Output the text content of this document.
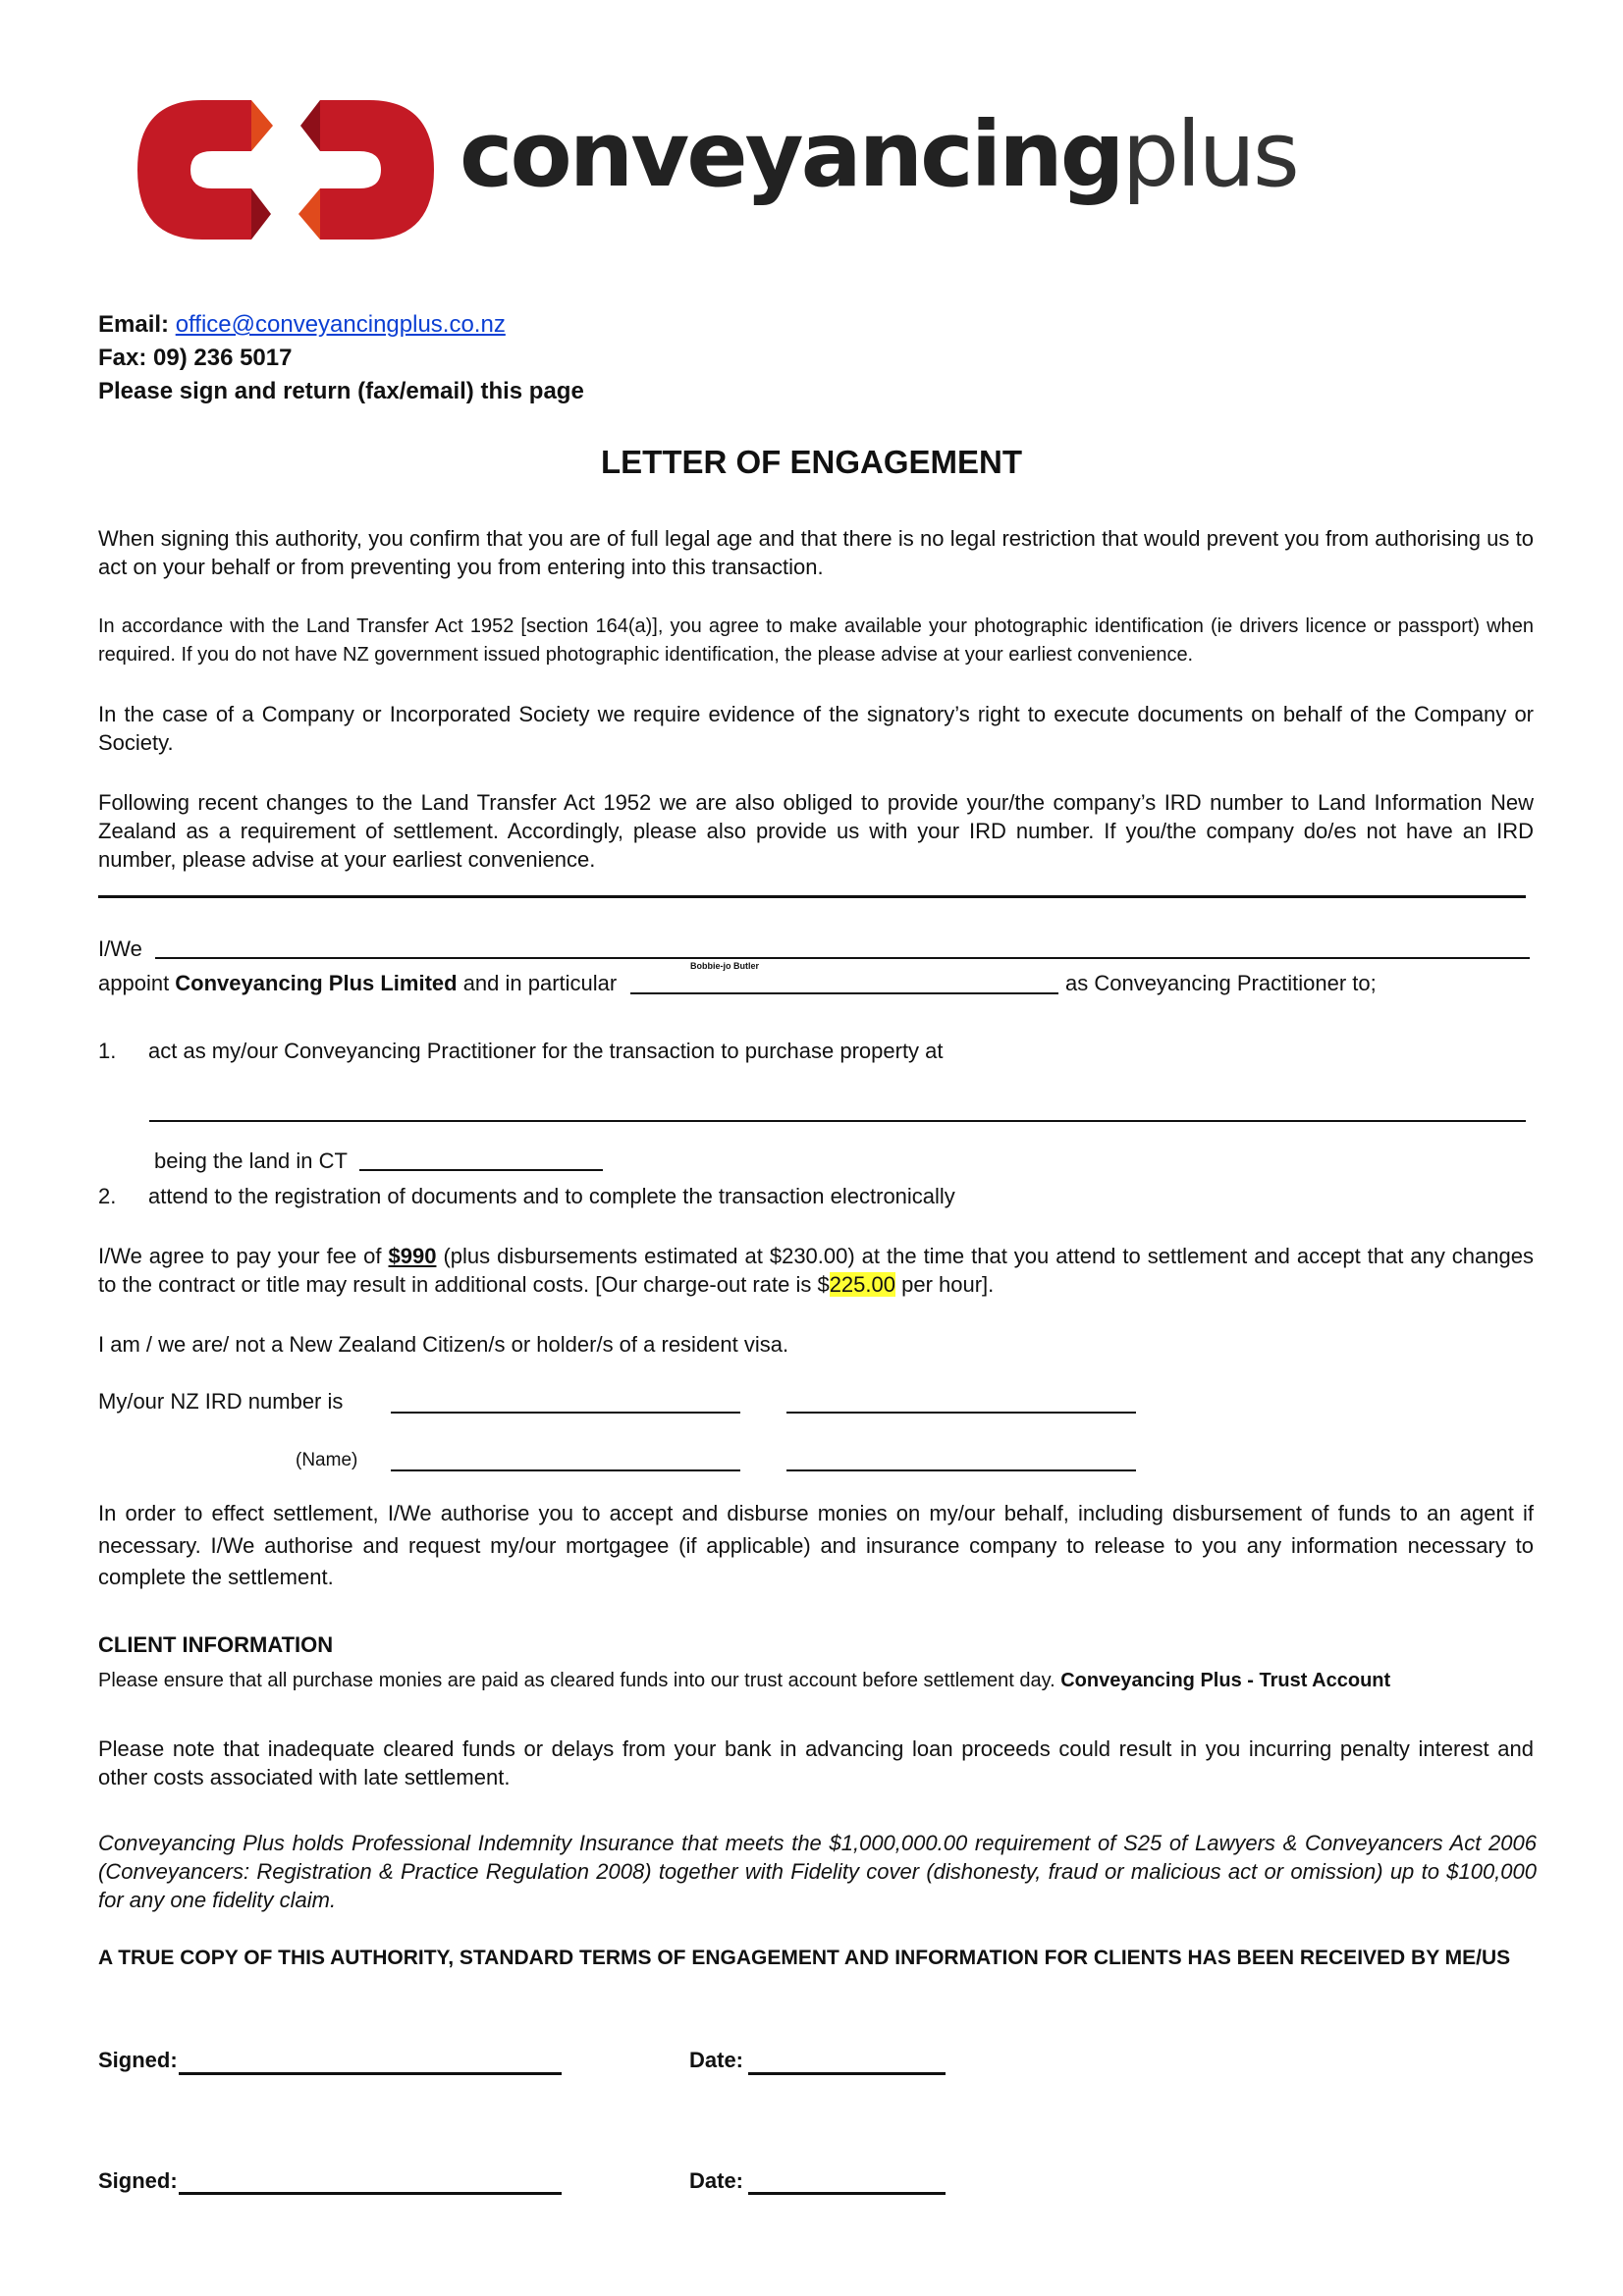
conveyancingplus
Email: office@conveyancingplus.co.nz
Fax: 09) 236 5017
Please sign and return (fax/email) this page
LETTER OF ENGAGEMENT
When signing this authority, you confirm that you are of full legal age and that there is no legal restriction that would prevent you from authorising us to act on your behalf or from preventing you from entering into this transaction.
In accordance with the Land Transfer Act 1952 [section 164(a)], you agree to make available your photographic identification (ie drivers licence or passport) when required. If you do not have NZ government issued photographic identification, the please advise at your earliest convenience.
In the case of a Company or Incorporated Society we require evidence of the signatory’s right to execute documents on behalf of the Company or Society.
Following recent changes to the Land Transfer Act 1952 we are also obliged to provide your/the company’s IRD number to Land Information New Zealand as a requirement of settlement. Accordingly, please also provide us with your IRD number. If you/the company do/es not have an IRD number, please advise at your earliest convenience.
I/We
Bobbie-jo Butler
appoint Conveyancing Plus Limited and in particular	as Conveyancing Practitioner to;
1. act as my/our Conveyancing Practitioner for the transaction to purchase property at
being the land in CT
2. attend to the registration of documents and to complete the transaction electronically
I/We agree to pay your fee of $990 (plus disbursements estimated at $230.00) at the time that you attend to settlement and accept that any changes to the contract or title may result in additional costs. [Our charge-out rate is $225.00 per hour].
I am / we are/ not a New Zealand Citizen/s or holder/s of a resident visa.
My/our NZ IRD number is
(Name)
In order to effect settlement, I/We authorise you to accept and disburse monies on my/our behalf, including disbursement of funds to an agent if necessary. I/We authorise and request my/our mortgagee (if applicable) and insurance company to release to you any information necessary to complete the settlement.
CLIENT INFORMATION
Please ensure that all purchase monies are paid as cleared funds into our trust account before settlement day. Conveyancing Plus - Trust Account
Please note that inadequate cleared funds or delays from your bank in advancing loan proceeds could result in you incurring penalty interest and other costs associated with late settlement.
Conveyancing Plus holds Professional Indemnity Insurance that meets the $1,000,000.00 requirement of S25 of Lawyers & Conveyancers Act 2006 (Conveyancers: Registration & Practice Regulation 2008) together with Fidelity cover (dishonesty, fraud or malicious act or omission) up to $100,000 for any one fidelity claim.
A TRUE COPY OF THIS AUTHORITY, STANDARD TERMS OF ENGAGEMENT AND INFORMATION FOR CLIENTS HAS BEEN RECEIVED BY ME/US
Signed:	Date:
Signed:	Date:
